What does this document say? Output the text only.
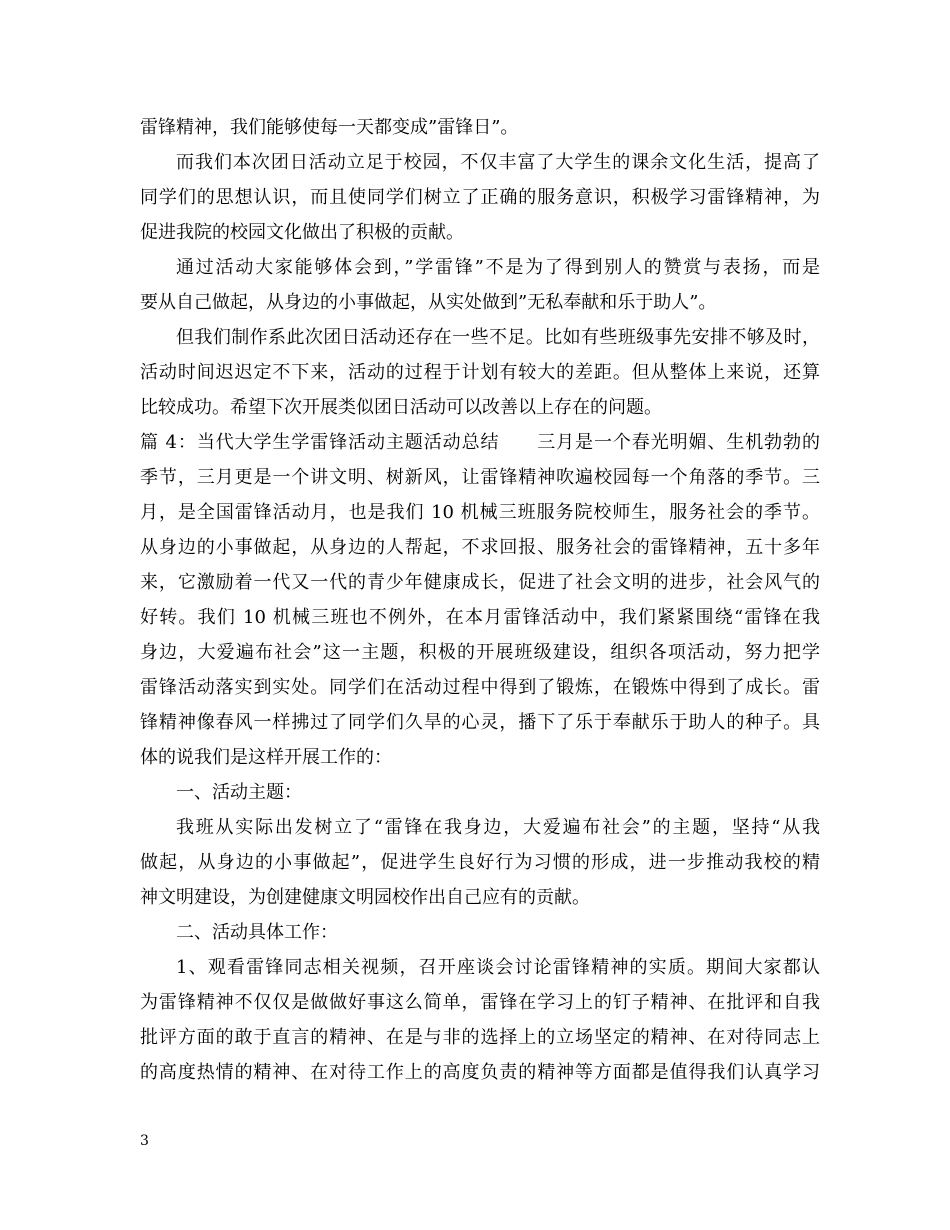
雷锋精神，我们能够使每一天都变成”雷锋日”。
而我们本次团日活动立足于校园，不仅丰富了大学生的课余文化生活，提高了
同学们的思想认识，而且使同学们树立了正确的服务意识，积极学习雷锋精神，为
促进我院的校园文化做出了积极的贡献。
通过活动大家能够体会到，”学雷锋”不是为了得到别人的赞赏与表扬，而是
要从自己做起，从身边的小事做起，从实处做到”无私奉献和乐于助人”。
但我们制作系此次团日活动还存在一些不足。比如有些班级事先安排不够及时，
活动时间迟迟定不下来，活动的过程于计划有较大的差距。但从整体上来说，还算
比较成功。希望下次开展类似团日活动可以改善以上存在的问题。
篇 4：当代大学生学雷锋活动主题活动总结　　三月是一个春光明媚、生机勃勃的
季节，三月更是一个讲文明、树新风，让雷锋精神吹遍校园每一个角落的季节。三
月，是全国雷锋活动月，也是我们 10 机械三班服务院校师生，服务社会的季节。
从身边的小事做起，从身边的人帮起，不求回报、服务社会的雷锋精神，五十多年
来，它激励着一代又一代的青少年健康成长，促进了社会文明的进步，社会风气的
好转。我们 10 机械三班也不例外，在本月雷锋活动中，我们紧紧围绕“雷锋在我
身边，大爱遍布社会”这一主题，积极的开展班级建设，组织各项活动，努力把学
雷锋活动落实到实处。同学们在活动过程中得到了锻炼，在锻炼中得到了成长。雷
锋精神像春风一样拂过了同学们久旱的心灵，播下了乐于奉献乐于助人的种子。具
体的说我们是这样开展工作的：
一、活动主题：
我班从实际出发树立了“雷锋在我身边，大爱遍布社会”的主题，坚持“从我
做起，从身边的小事做起”，促进学生良好行为习惯的形成，进一步推动我校的精
神文明建设，为创建健康文明园校作出自己应有的贡献。
二、活动具体工作：
1、观看雷锋同志相关视频，召开座谈会讨论雷锋精神的实质。期间大家都认
为雷锋精神不仅仅是做做好事这么简单，雷锋在学习上的钉子精神、在批评和自我
批评方面的敢于直言的精神、在是与非的选择上的立场坚定的精神、在对待同志上
的高度热情的精神、在对待工作上的高度负责的精神等方面都是值得我们认真学习
3
